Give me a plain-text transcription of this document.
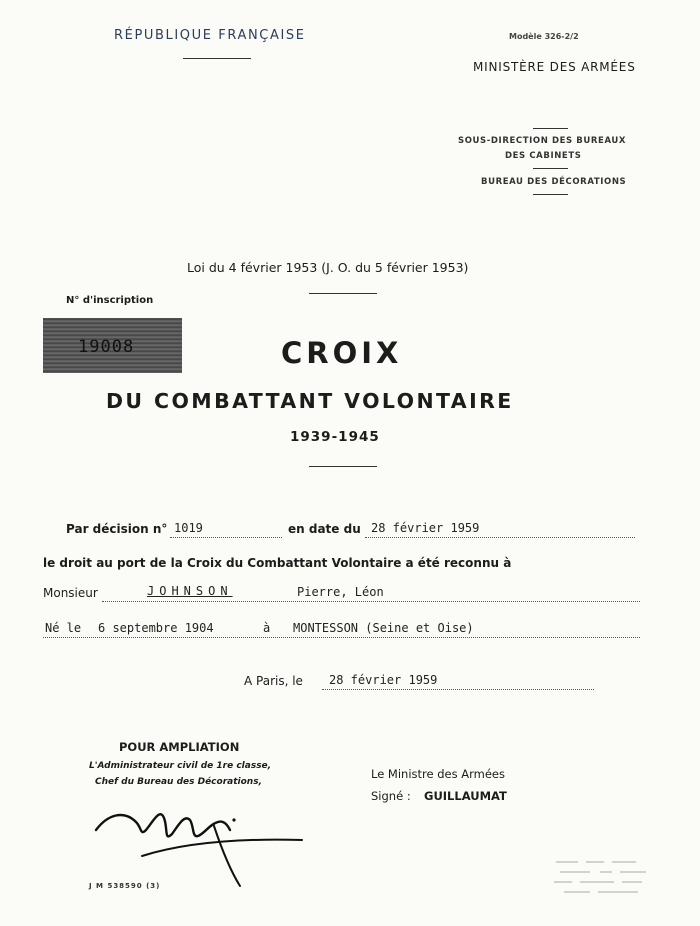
RÉPUBLIQUE FRANÇAISE	Modèle 326-2/2
MINISTÈRE DES ARMÉES
SOUS-DIRECTION DES BUREAUX
DES CABINETS
BUREAU DES DÉCORATIONS
Loi du 4 février 1953 (J. O. du 5 février 1953)
N° d'inscription
19008	CROIX
DU COMBATTANT VOLONTAIRE
1939-1945
Par décision n° 1019	en date du 28 février 1959
le droit au port de la Croix du Combattant Volontaire a été reconnu à
Monsieur	JOHNSON	Pierre, Léon
Né le 6 septembre 1904	à MONTESSON (Seine et Oise)
A Paris, le 28 février 1959
POUR AMPLIATION
L'Administrateur civil de 1re classe,
Chef du Bureau des Décorations,
Le Ministre des Armées
Signé : GUILLAUMAT
J M 538590 (3)
